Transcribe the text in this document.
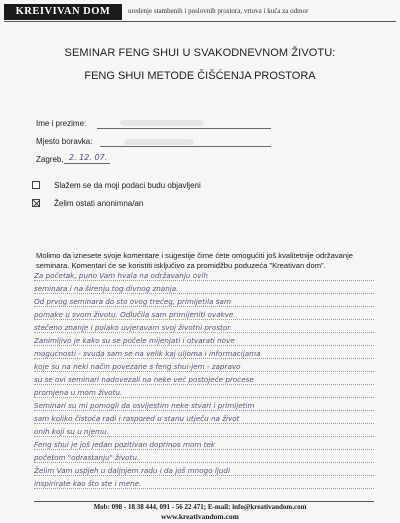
KREIVIVAN DOM	uredenje stambenih i poslovnih prostora, vrtova i kuća za odmor
SEMINAR FENG SHUI U SVAKODNEVNOM ŽIVOTU:
FENG SHUI METODE ČIŠĆENJA PROSTORA
Ime i prezime:
Mjesto boravka:
Zagreb, 2. 12. 07.
Slažem se da moji podaci budu objavljeni
Želim ostati anonimna/an
Molimo da iznesete svoje komentare i sugestije čime ćete omogućiti još kvalitetnije održavanje seminara. Komentari će se koristiti isključivo za promidžbu poduzeća "Kreativan dom".
Za početak, puno Vam hvala na održavanju ovih
seminara i na širenju tog divnog znanja.
Od prvog seminara do sto ovog trećeg, primijetila sam
pomake u svom životu. Odlučila sam primijeniti ovakve
stečeno znanje i polako uvjeravam svoj životni prostor.
Zanimljivo je kako su se počele mijenjati i otvarati nove
mogućnosti - svuda sam se na velik kaj uljoma i informacijama
koje su na neki način povezane s feng shui-jem - zapravo
su se ovi seminari nadovezali na neke već postojeće procese
promjena u mom životu.
Seminari su mi pomogli da osvijestim neke stvari i primijetim
sam koliko čistoća radi i raspored u stanu utječu na život
onih koji su u njemu.
Feng shui je još jedan pozitivan doprinos mom tek
početom "odrastanju" životu.
Želim Vam uspjeh u daljnjem radu i da još mnogo ljudi
inspirirate kao što ste i mene.
Mob: 098 - 18 38 444, 091 - 56 22 471; E-mail: info@kreativandom.com
www.kreativandom.com
